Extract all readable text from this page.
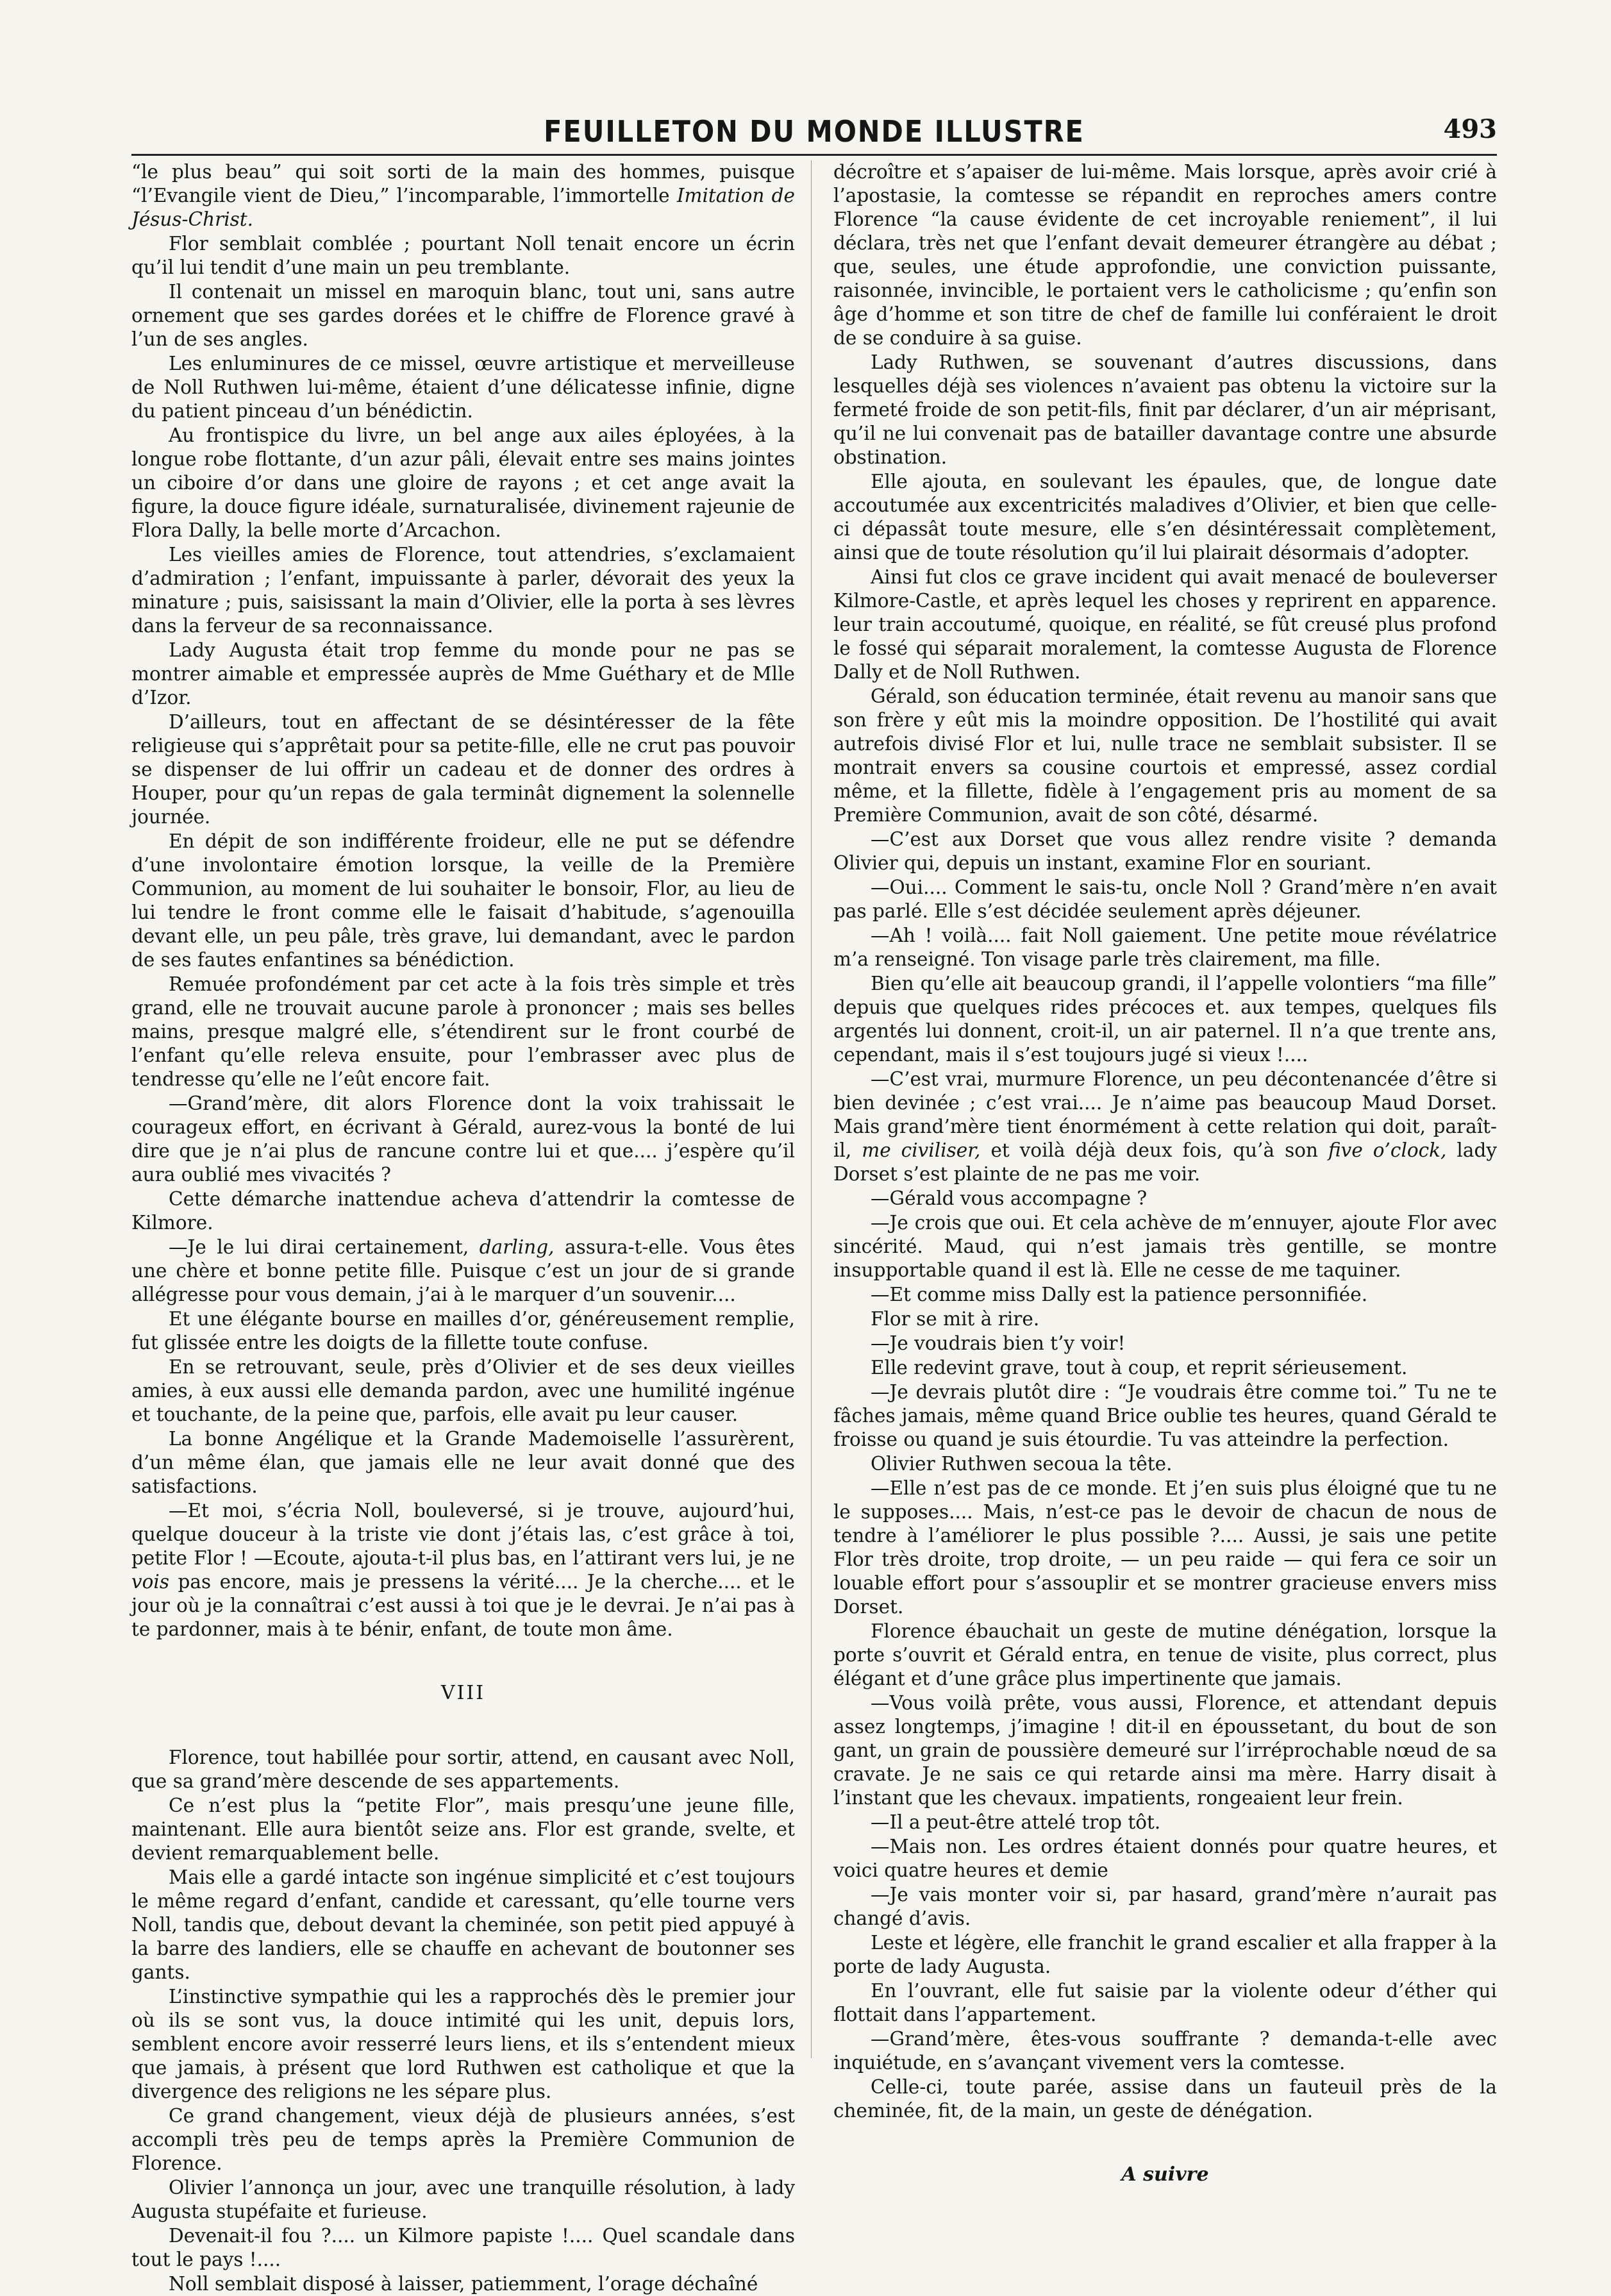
FEUILLETON DU MONDE ILLUSTRE	493

“le plus beau” qui soit sorti de la main des hommes, puisque “l’Evangile vient de Dieu,” l’incomparable, l’immortelle Imitation de Jésus-Christ.

Flor semblait comblée ; pourtant Noll tenait encore un écrin qu’il lui tendit d’une main un peu tremblante.

Il contenait un missel en maroquin blanc, tout uni, sans autre ornement que ses gardes dorées et le chiffre de Florence gravé à l’un de ses angles.

Les enluminures de ce missel, œuvre artistique et merveilleuse de Noll Ruthwen lui-même, étaient d’une délicatesse infinie, digne du patient pinceau d’un bénédictin.

Au frontispice du livre, un bel ange aux ailes éployées, à la longue robe flottante, d’un azur pâli, élevait entre ses mains jointes un ciboire d’or dans une gloire de rayons ; et cet ange avait la figure, la douce figure idéale, surnaturalisée, divinement rajeunie de Flora Dally, la belle morte d’Arcachon.

Les vieilles amies de Florence, tout attendries, s’exclamaient d’admiration ; l’enfant, impuissante à parler, dévorait des yeux la minature ; puis, saisissant la main d’Olivier, elle la porta à ses lèvres dans la ferveur de sa reconnaissance.

Lady Augusta était trop femme du monde pour ne pas se montrer aimable et empressée auprès de Mme Guéthary et de Mlle d’Izor.

D’ailleurs, tout en affectant de se désintéresser de la fête religieuse qui s’apprêtait pour sa petite-fille, elle ne crut pas pouvoir se dispenser de lui offrir un cadeau et de donner des ordres à Houper, pour qu’un repas de gala terminât dignement la solennelle journée.

En dépit de son indifférente froideur, elle ne put se défendre d’une involontaire émotion lorsque, la veille de la Première Communion, au moment de lui souhaiter le bonsoir, Flor, au lieu de lui tendre le front comme elle le faisait d’habitude, s’agenouilla devant elle, un peu pâle, très grave, lui demandant, avec le pardon de ses fautes enfantines sa bénédiction.

Remuée profondément par cet acte à la fois très simple et très grand, elle ne trouvait aucune parole à prononcer ; mais ses belles mains, presque malgré elle, s’étendirent sur le front courbé de l’enfant qu’elle releva ensuite, pour l’embrasser avec plus de tendresse qu’elle ne l’eût encore fait.

—Grand’mère, dit alors Florence dont la voix trahissait le courageux effort, en écrivant à Gérald, aurez-vous la bonté de lui dire que je n’ai plus de rancune contre lui et que.... j’espère qu’il aura oublié mes vivacités ?

Cette démarche inattendue acheva d’attendrir la comtesse de Kilmore.

—Je le lui dirai certainement, darling, assura-t-elle. Vous êtes une chère et bonne petite fille. Puisque c’est un jour de si grande allégresse pour vous demain, j’ai à le marquer d’un souvenir....

Et une élégante bourse en mailles d’or, généreusement remplie, fut glissée entre les doigts de la fillette toute confuse.

En se retrouvant, seule, près d’Olivier et de ses deux vieilles amies, à eux aussi elle demanda pardon, avec une humilité ingénue et touchante, de la peine que, parfois, elle avait pu leur causer.

La bonne Angélique et la Grande Mademoiselle l’assurèrent, d’un même élan, que jamais elle ne leur avait donné que des satisfactions.

—Et moi, s’écria Noll, bouleversé, si je trouve, aujourd’hui, quelque douceur à la triste vie dont j’étais las, c’est grâce à toi, petite Flor ! —Ecoute, ajouta-t-il plus bas, en l’attirant vers lui, je ne vois pas encore, mais je pressens la vérité.... Je la cherche.... et le jour où je la connaîtrai c’est aussi à toi que je le devrai. Je n’ai pas à te pardonner, mais à te bénir, enfant, de toute mon âme.

VIII

Florence, tout habillée pour sortir, attend, en causant avec Noll, que sa grand’mère descende de ses appartements.

Ce n’est plus la “petite Flor”, mais presqu’une jeune fille, maintenant. Elle aura bientôt seize ans. Flor est grande, svelte, et devient remarquablement belle.

Mais elle a gardé intacte son ingénue simplicité et c’est toujours le même regard d’enfant, candide et caressant, qu’elle tourne vers Noll, tandis que, debout devant la cheminée, son petit pied appuyé à la barre des landiers, elle se chauffe en achevant de boutonner ses gants.

L’instinctive sympathie qui les a rapprochés dès le premier jour où ils se sont vus, la douce intimité qui les unit, depuis lors, semblent encore avoir resserré leurs liens, et ils s’entendent mieux que jamais, à présent que lord Ruthwen est catholique et que la divergence des religions ne les sépare plus.

Ce grand changement, vieux déjà de plusieurs années, s’est accompli très peu de temps après la Première Communion de Florence.

Olivier l’annonça un jour, avec une tranquille résolution, à lady Augusta stupéfaite et furieuse.

Devenait-il fou ?.... un Kilmore papiste !.... Quel scandale dans tout le pays !....

Noll semblait disposé à laisser, patiemment, l’orage déchaîné

décroître et s’apaiser de lui-même. Mais lorsque, après avoir crié à l’apostasie, la comtesse se répandit en reproches amers contre Florence “la cause évidente de cet incroyable reniement”, il lui déclara, très net que l’enfant devait demeurer étrangère au débat ; que, seules, une étude approfondie, une conviction puissante, raisonnée, invincible, le portaient vers le catholicisme ; qu’enfin son âge d’homme et son titre de chef de famille lui conféraient le droit de se conduire à sa guise.

Lady Ruthwen, se souvenant d’autres discussions, dans lesquelles déjà ses violences n’avaient pas obtenu la victoire sur la fermeté froide de son petit-fils, finit par déclarer, d’un air méprisant, qu’il ne lui convenait pas de batailler davantage contre une absurde obstination.

Elle ajouta, en soulevant les épaules, que, de longue date accoutumée aux excentricités maladives d’Olivier, et bien que celle-ci dépassât toute mesure, elle s’en désintéressait complètement, ainsi que de toute résolution qu’il lui plairait désormais d’adopter.

Ainsi fut clos ce grave incident qui avait menacé de bouleverser Kilmore-Castle, et après lequel les choses y reprirent en apparence. leur train accoutumé, quoique, en réalité, se fût creusé plus profond le fossé qui séparait moralement, la comtesse Augusta de Florence Dally et de Noll Ruthwen.

Gérald, son éducation terminée, était revenu au manoir sans que son frère y eût mis la moindre opposition. De l’hostilité qui avait autrefois divisé Flor et lui, nulle trace ne semblait subsister. Il se montrait envers sa cousine courtois et empressé, assez cordial même, et la fillette, fidèle à l’engagement pris au moment de sa Première Communion, avait de son côté, désarmé.

—C’est aux Dorset que vous allez rendre visite ? demanda Olivier qui, depuis un instant, examine Flor en souriant.

—Oui.... Comment le sais-tu, oncle Noll ? Grand’mère n’en avait pas parlé. Elle s’est décidée seulement après déjeuner.

—Ah ! voilà.... fait Noll gaiement. Une petite moue révélatrice m’a renseigné. Ton visage parle très clairement, ma fille.

Bien qu’elle ait beaucoup grandi, il l’appelle volontiers “ma fille” depuis que quelques rides précoces et. aux tempes, quelques fils argentés lui donnent, croit-il, un air paternel. Il n’a que trente ans, cependant, mais il s’est toujours jugé si vieux !....

—C’est vrai, murmure Florence, un peu décontenancée d’être si bien devinée ; c’est vrai.... Je n’aime pas beaucoup Maud Dorset. Mais grand’mère tient énormément à cette relation qui doit, paraît-il, me civiliser, et voilà déjà deux fois, qu’à son five o’clock, lady Dorset s’est plainte de ne pas me voir.

—Gérald vous accompagne ?

—Je crois que oui. Et cela achève de m’ennuyer, ajoute Flor avec sincérité. Maud, qui n’est jamais très gentille, se montre insupportable quand il est là. Elle ne cesse de me taquiner.

—Et comme miss Dally est la patience personnifiée.

Flor se mit à rire.

—Je voudrais bien t’y voir!

Elle redevint grave, tout à coup, et reprit sérieusement.

—Je devrais plutôt dire : “Je voudrais être comme toi.” Tu ne te fâches jamais, même quand Brice oublie tes heures, quand Gérald te froisse ou quand je suis étourdie. Tu vas atteindre la perfection.

Olivier Ruthwen secoua la tête.

—Elle n’est pas de ce monde. Et j’en suis plus éloigné que tu ne le supposes.... Mais, n’est-ce pas le devoir de chacun de nous de tendre à l’améliorer le plus possible ?.... Aussi, je sais une petite Flor très droite, trop droite, — un peu raide — qui fera ce soir un louable effort pour s’assouplir et se montrer gracieuse envers miss Dorset.

Florence ébauchait un geste de mutine dénégation, lorsque la porte s’ouvrit et Gérald entra, en tenue de visite, plus correct, plus élégant et d’une grâce plus impertinente que jamais.

—Vous voilà prête, vous aussi, Florence, et attendant depuis assez longtemps, j’imagine ! dit-il en époussetant, du bout de son gant, un grain de poussière demeuré sur l’irréprochable nœud de sa cravate. Je ne sais ce qui retarde ainsi ma mère. Harry disait à l’instant que les chevaux. impatients, rongeaient leur frein.

—Il a peut-être attelé trop tôt.

—Mais non. Les ordres étaient donnés pour quatre heures, et voici quatre heures et demie

—Je vais monter voir si, par hasard, grand’mère n’aurait pas changé d’avis.

Leste et légère, elle franchit le grand escalier et alla frapper à la porte de lady Augusta.

En l’ouvrant, elle fut saisie par la violente odeur d’éther qui flottait dans l’appartement.

—Grand’mère, êtes-vous souffrante ? demanda-t-elle avec inquiétude, en s’avançant vivement vers la comtesse.

Celle-ci, toute parée, assise dans un fauteuil près de la cheminée, fit, de la main, un geste de dénégation.

A suivre
